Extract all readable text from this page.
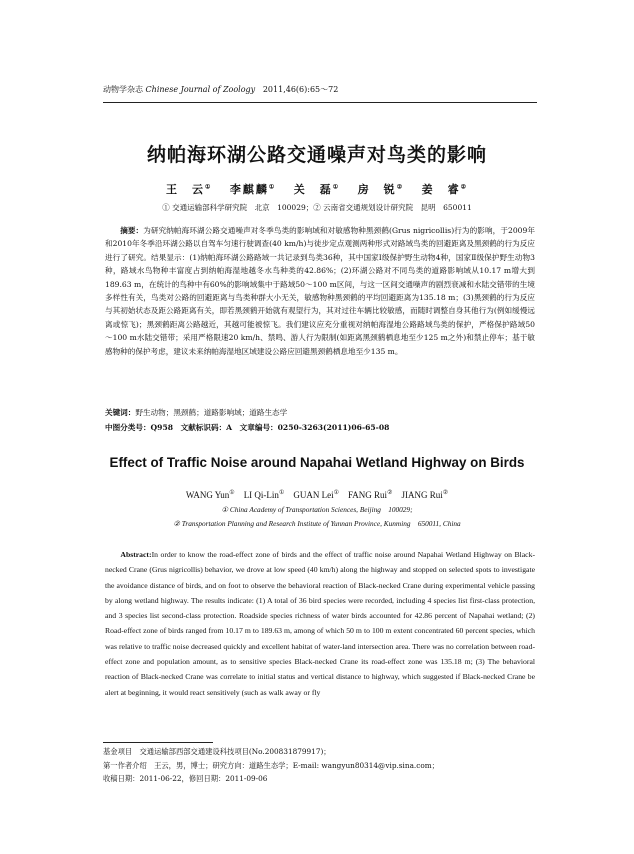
动物学杂志 Chinese Journal of Zoology 2011,46(6):65～72
纳帕海环湖公路交通噪声对鸟类的影响
王　云① 李麒麟① 关　磊① 房　锐② 姜　睿②
① 交通运输部科学研究院　北京　100029；② 云南省交通规划设计研究院　昆明　650011
摘要：为研究纳帕海环湖公路交通噪声对冬季鸟类的影响域和对敏感物种黑颈鹤(Grus nigricollis)行为的影响，于2009年和2010年冬季沿环湖公路以自驾车匀速行驶调查(40 km/h)与徒步定点观测两种形式对路域鸟类的回避距离及黑颈鹤的行为反应进行了研究。结果显示：(1)纳帕海环湖公路路域一共记录到鸟类36种，其中国家Ⅰ级保护野生动物4种，国家Ⅱ级保护野生动物3种，路域水鸟物种丰富度占到纳帕海湿地越冬水鸟种类的42.86%；(2)环湖公路对不同鸟类的道路影响域从10.17 m增大到189.63 m，在统计的鸟种中有60%的影响域集中于路域50～100 m区间，与这一区间交通噪声的剧烈衰减和水陆交错带的生境多样性有关，鸟类对公路的回避距离与鸟类种群大小无关，敏感物种黑颈鹤的平均回避距离为135.18 m；(3)黑颈鹤的行为反应与其初始状态及距公路距离有关，即若黑颈鹤开始就有观望行为，其对过往车辆比较敏感，而随时调整自身其他行为(例如缓慢远离或惊飞)；黑颈鹤距离公路越近，其越可能被惊飞。我们建议应充分重视对纳帕海湿地公路路域鸟类的保护，严格保护路域50～100 m水陆交错带；采用严格限速20 km/h、禁鸣、游人行为限制(如距离黑颈鹤栖息地至少125 m之外)和禁止停车；基于敏感物种的保护考虑，建议未来纳帕海湿地区域建设公路应回避黑颈鹤栖息地至少135 m。
关键词：野生动物；黑颈鹤；道路影响域；道路生态学
中图分类号：Q958　文献标识码：A　文章编号：0250-3263(2011)06-65-08
Effect of Traffic Noise around Napahai Wetland Highway on Birds
WANG Yun① LI Qi-Lin① GUAN Lei① FANG Rui② JIANG Rui②
① China Academy of Transportation Sciences, Beijing　100029;
② Transportation Planning and Research Institute of Yunnan Province, Kunming　650011, China
Abstract:In order to know the road-effect zone of birds and the effect of traffic noise around Napahai Wetland Highway on Black-necked Crane (Grus nigricollis) behavior, we drove at low speed (40 km/h) along the highway and stopped on selected spots to investigate the avoidance distance of birds, and on foot to observe the behavioral reaction of Black-necked Crane during experimental vehicle passing by along wetland highway. The results indicate: (1) A total of 36 bird species were recorded, including 4 species list first-class protection, and 3 species list second-class protection. Roadside species richness of water birds accounted for 42.86 percent of Napahai wetland; (2) Road-effect zone of birds ranged from 10.17 m to 189.63 m, among of which 50 m to 100 m extent concentrated 60 percent species, which was relative to traffic noise decreased quickly and excellent habitat of water-land intersection area. There was no correlation between road-effect zone and population amount, as to sensitive species Black-necked Crane its road-effect zone was 135.18 m; (3) The behavioral reaction of Black-necked Crane was correlate to initial status and vertical distance to highway, which suggested if Black-necked Crane be alert at beginning, it would react sensitively (such as walk away or fly
基金项目　交通运输部西部交通建设科技项目(No.200831879917)；
第一作者介绍　王云，男，博士；研究方向：道路生态学；E-mail: wangyun80314@vip.sina.com；
收稿日期：2011-06-22，修回日期：2011-09-06
